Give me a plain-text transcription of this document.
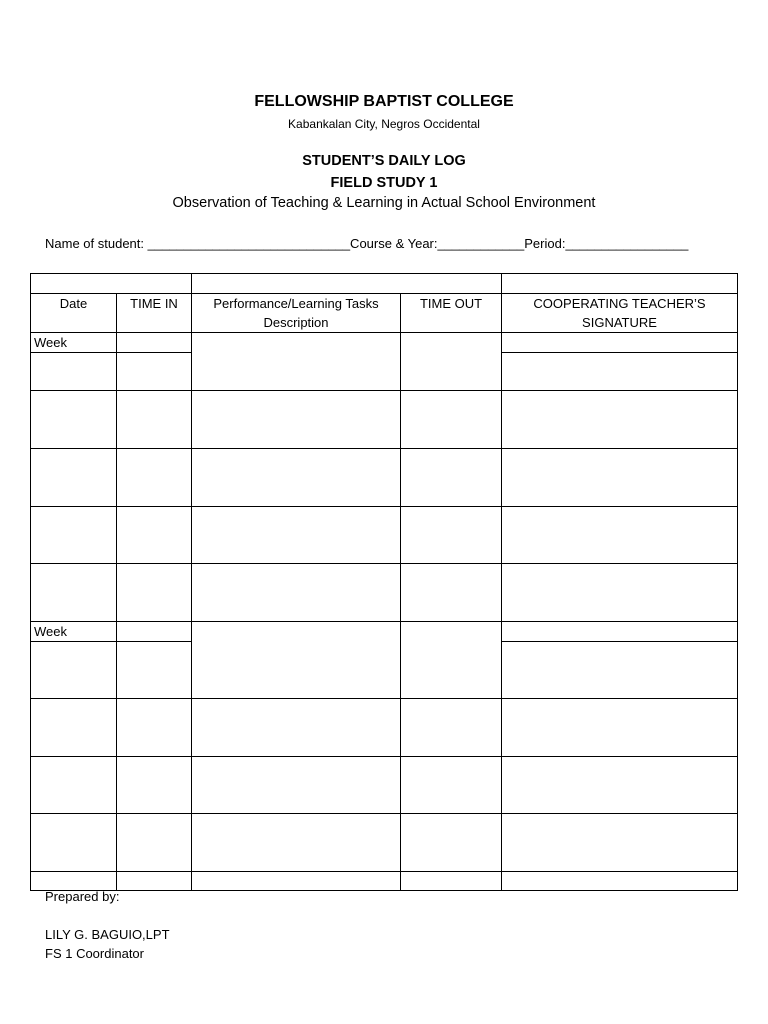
FELLOWSHIP BAPTIST COLLEGE
Kabankalan City, Negros Occidental
STUDENT’S DAILY LOG
FIELD STUDY 1
Observation of Teaching & Learning in Actual School Environment
Name of student: ____________________________Course & Year:____________Period:_________________

Date	TIME IN	Performance/Learning Tasks Description	TIME OUT	COOPERATING TEACHER’S SIGNATURE
Week				

Week				

Prepared by:
LILY G. BAGUIO,LPT
FS 1 Coordinator
